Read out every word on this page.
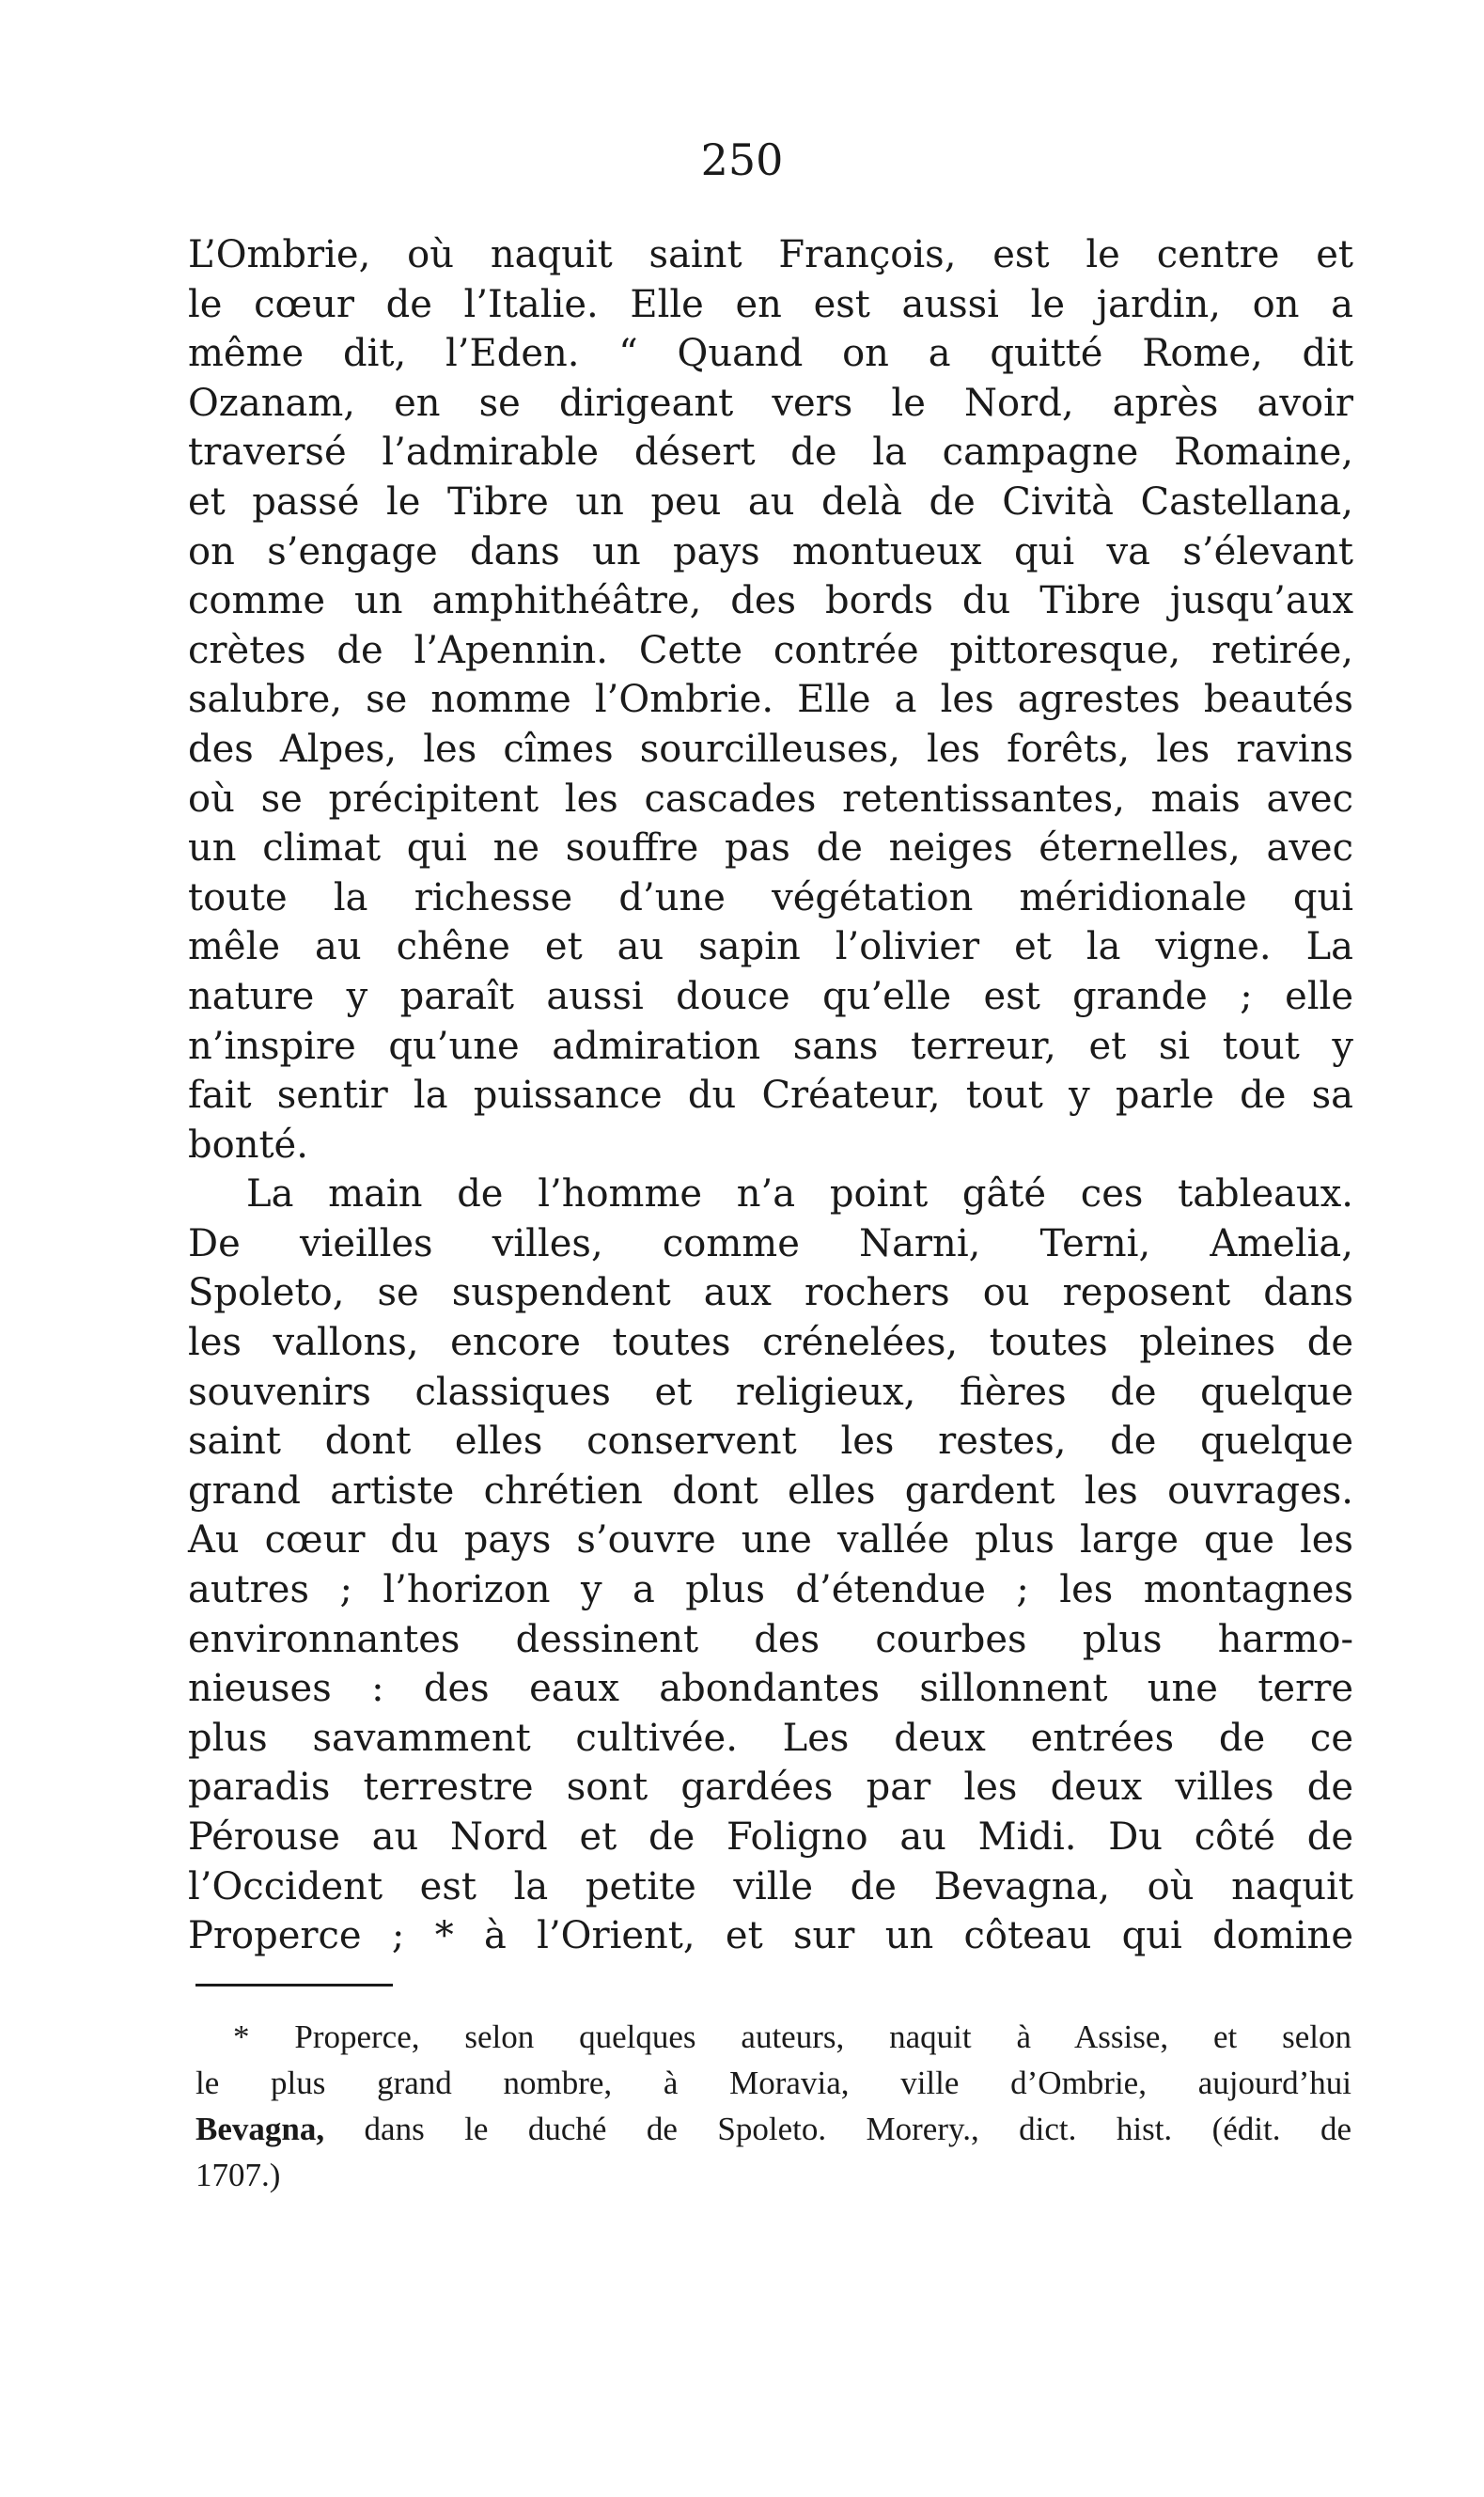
250
L’Ombrie, où naquit saint François, est le centre et
le cœur de l’Italie. Elle en est aussi le jardin, on a
même dit, l’Eden. “ Quand on a quitté Rome, dit
Ozanam, en se dirigeant vers le Nord, après avoir
traversé l’admirable désert de la campagne Romaine,
et passé le Tibre un peu au delà de Cività Castellana,
on s’engage dans un pays montueux qui va s’élevant
comme un amphithéâtre, des bords du Tibre jusqu’aux
crètes de l’Apennin. Cette contrée pittoresque, retirée,
salubre, se nomme l’Ombrie. Elle a les agrestes beautés
des Alpes, les cîmes sourcilleuses, les forêts, les ravins
où se précipitent les cascades retentissantes, mais avec
un climat qui ne souffre pas de neiges éternelles, avec
toute la richesse d’une végétation méridionale qui
mêle au chêne et au sapin l’olivier et la vigne. La
nature y paraît aussi douce qu’elle est grande ; elle
n’inspire qu’une admiration sans terreur, et si tout y
fait sentir la puissance du Créateur, tout y parle de sa
bonté.
La main de l’homme n’a point gâté ces tableaux.
De vieilles villes, comme Narni, Terni, Amelia,
Spoleto, se suspendent aux rochers ou reposent dans
les vallons, encore toutes crénelées, toutes pleines de
souvenirs classiques et religieux, fières de quelque
saint dont elles conservent les restes, de quelque
grand artiste chrétien dont elles gardent les ouvrages.
Au cœur du pays s’ouvre une vallée plus large que les
autres ; l’horizon y a plus d’étendue ; les montagnes
environnantes dessinent des courbes plus harmo-
nieuses : des eaux abondantes sillonnent une terre
plus savamment cultivée. Les deux entrées de ce
paradis terrestre sont gardées par les deux villes de
Pérouse au Nord et de Foligno au Midi. Du côté de
l’Occident est la petite ville de Bevagna, où naquit
Properce ; * à l’Orient, et sur un côteau qui domine
* Properce, selon quelques auteurs, naquit à Assise, et selon
le plus grand nombre, à Moravia, ville d’Ombrie, aujourd’hui
Bevagna, dans le duché de Spoleto. Morery., dict. hist. (édit. de
1707.)
